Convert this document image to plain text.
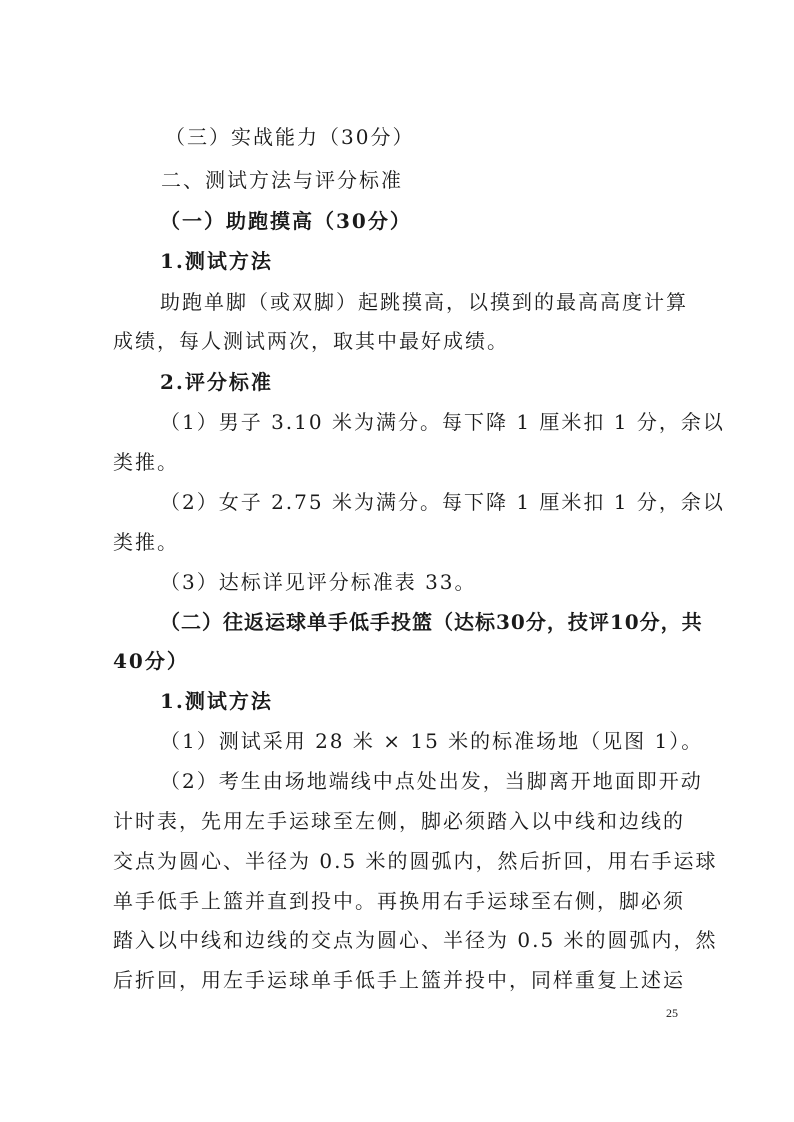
（三）实战能力（30分）
二、测试方法与评分标准
（一）助跑摸高（30分）
1.测试方法
助跑单脚（或双脚）起跳摸高，以摸到的最高高度计算
成绩，每人测试两次，取其中最好成绩。
2.评分标准
（1）男子 3.10 米为满分。每下降 1 厘米扣 1 分，余以
类推。
（2）女子 2.75 米为满分。每下降 1 厘米扣 1 分，余以
类推。
（3）达标详见评分标准表 33。
（二）往返运球单手低手投篮（达标30分，技评10分，共
40分）
1.测试方法
（1）测试采用 28 米 × 15 米的标准场地（见图 1）。
（2）考生由场地端线中点处出发，当脚离开地面即开动
计时表，先用左手运球至左侧，脚必须踏入以中线和边线的
交点为圆心、半径为 0.5 米的圆弧内，然后折回，用右手运球
单手低手上篮并直到投中。再换用右手运球至右侧，脚必须
踏入以中线和边线的交点为圆心、半径为 0.5 米的圆弧内，然
后折回，用左手运球单手低手上篮并投中，同样重复上述运
25
